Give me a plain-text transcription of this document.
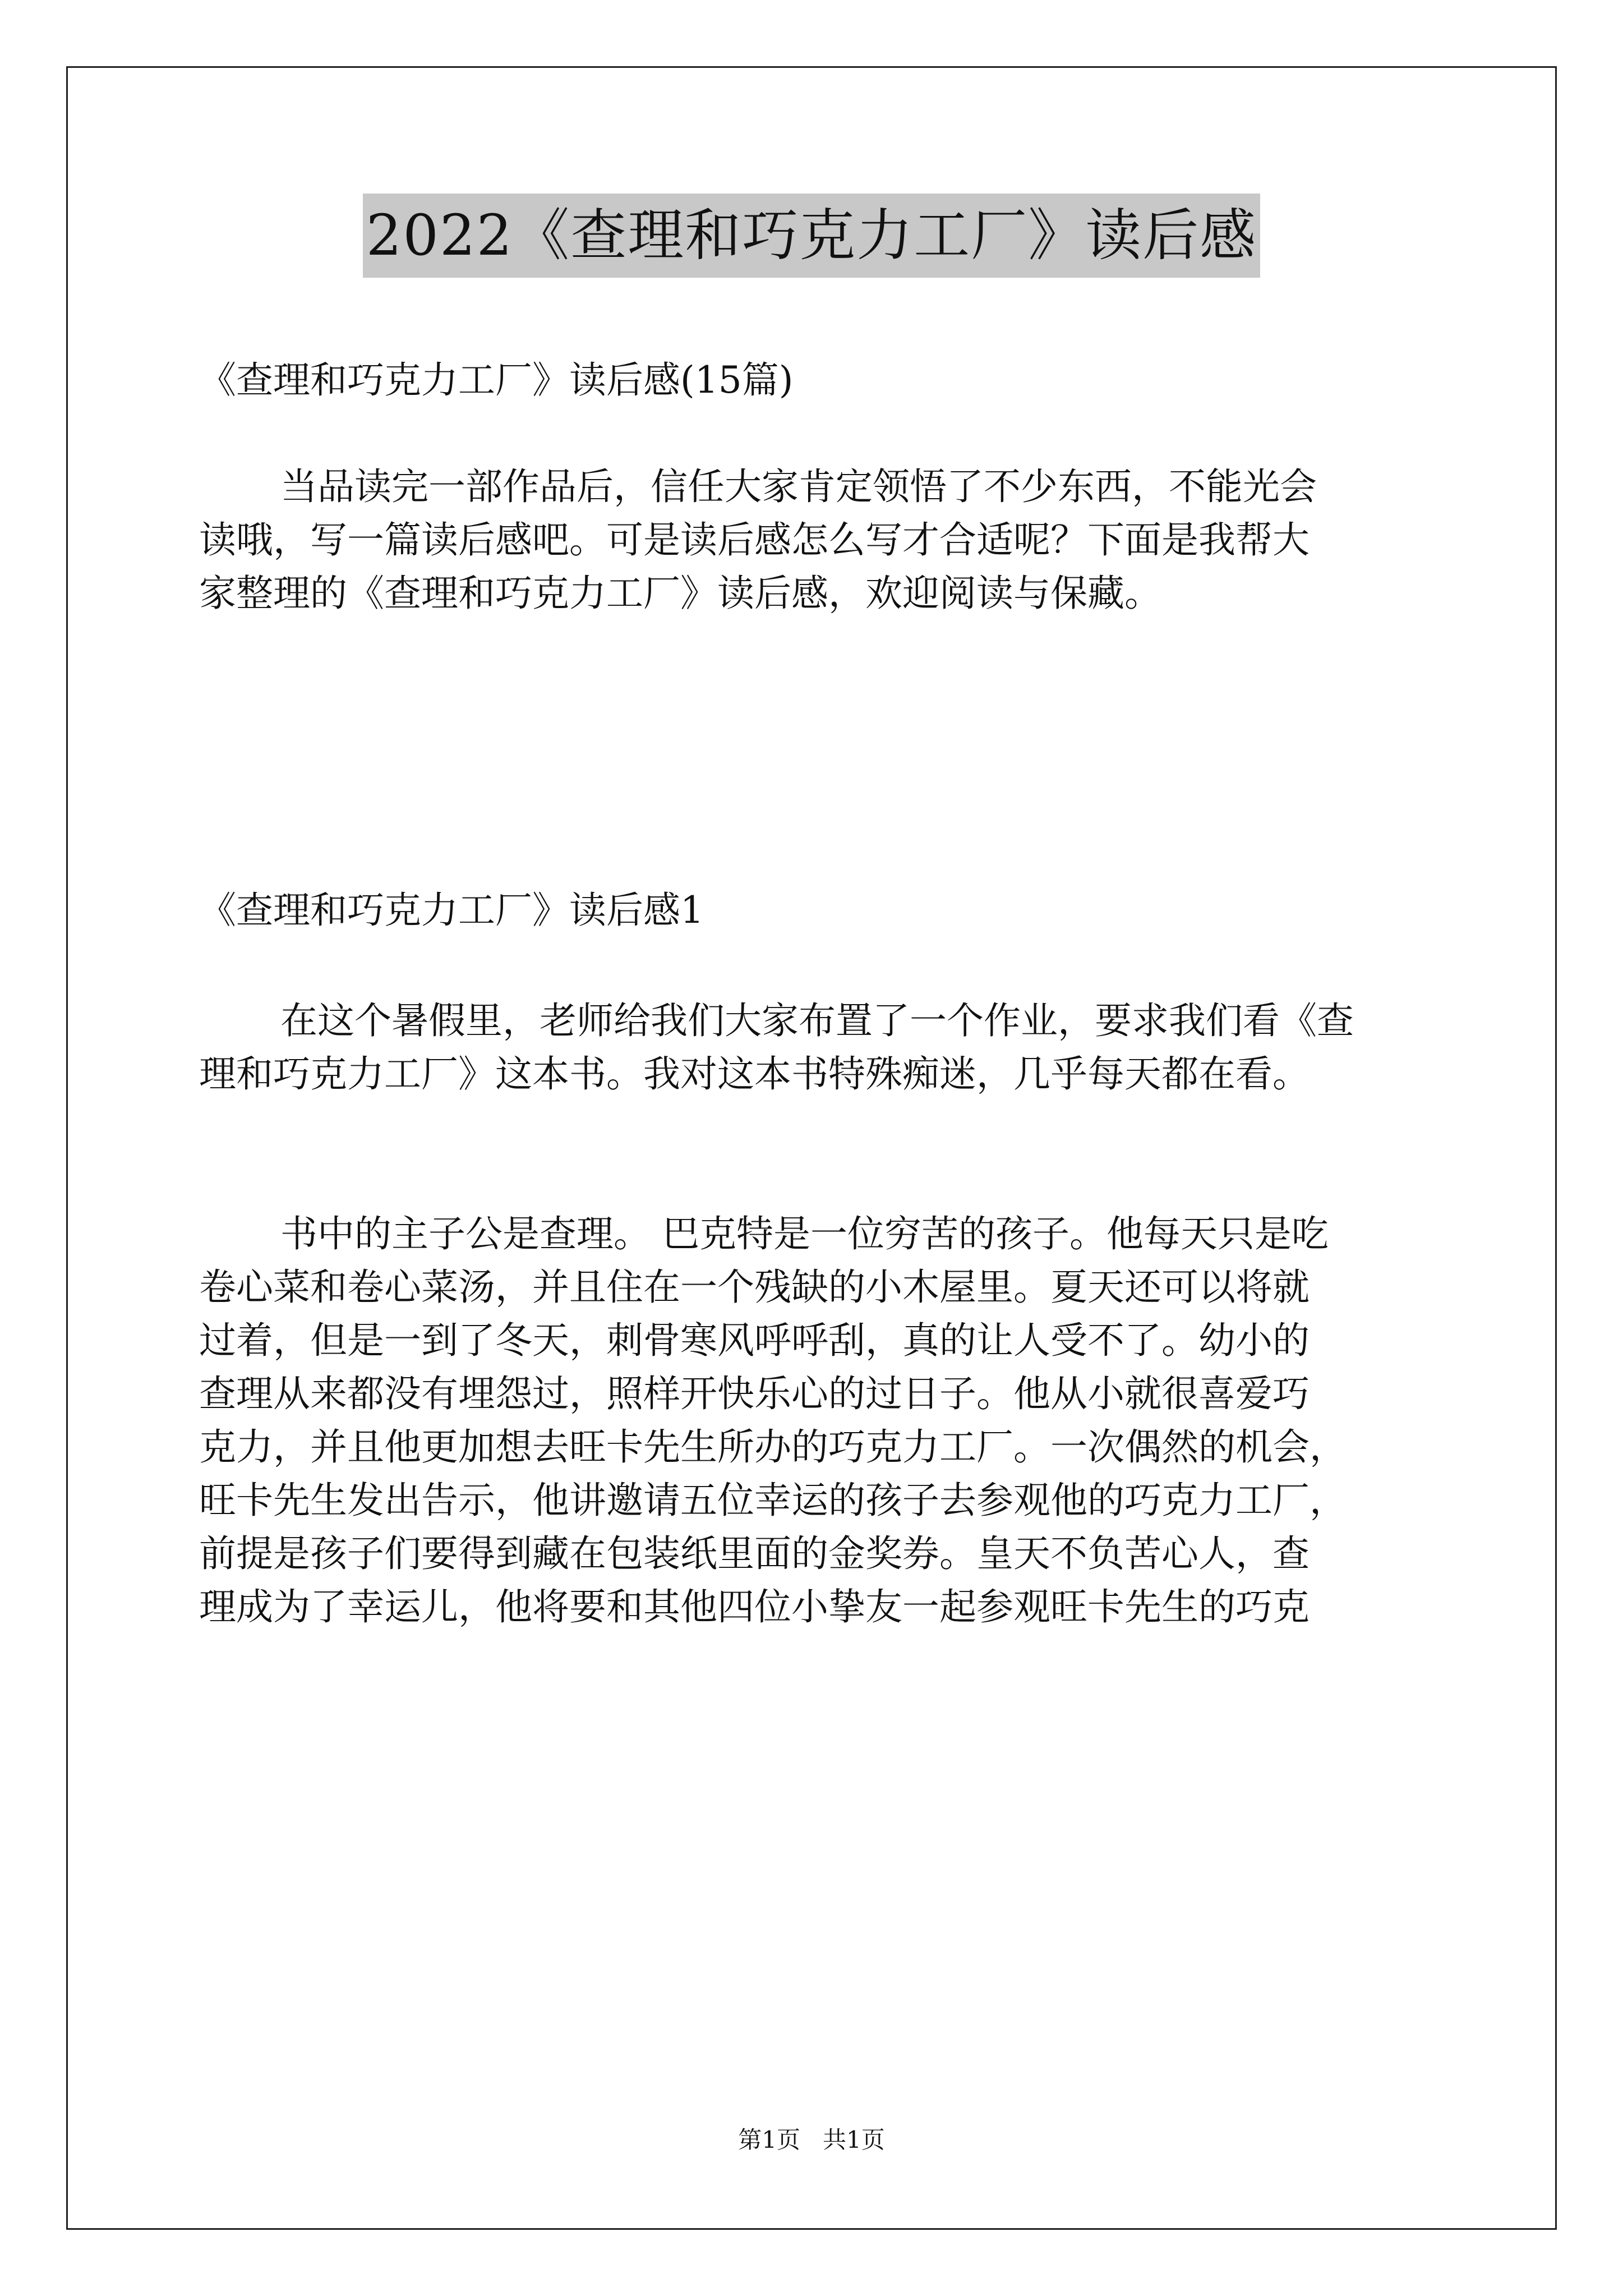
2022《查理和巧克力工厂》读后感
《查理和巧克力工厂》读后感(15篇)
当品读完一部作品后，信任大家肯定领悟了不少东西，不能光会
读哦，写一篇读后感吧。可是读后感怎么写才合适呢？下面是我帮大
家整理的《查理和巧克力工厂》读后感，欢迎阅读与保藏。
《查理和巧克力工厂》读后感1
在这个暑假里，老师给我们大家布置了一个作业，要求我们看《查
理和巧克力工厂》这本书。我对这本书特殊痴迷，几乎每天都在看。
书中的主子公是查理。 巴克特是一位穷苦的孩子。他每天只是吃
卷心菜和卷心菜汤，并且住在一个残缺的小木屋里。夏天还可以将就
过着，但是一到了冬天，刺骨寒风呼呼刮，真的让人受不了。幼小的
查理从来都没有埋怨过，照样开快乐心的过日子。他从小就很喜爱巧
克力，并且他更加想去旺卡先生所办的巧克力工厂。一次偶然的机会，
旺卡先生发出告示，他讲邀请五位幸运的孩子去参观他的巧克力工厂，
前提是孩子们要得到藏在包装纸里面的金奖券。皇天不负苦心人，查
理成为了幸运儿，他将要和其他四位小挚友一起参观旺卡先生的巧克
第1页   共1页
